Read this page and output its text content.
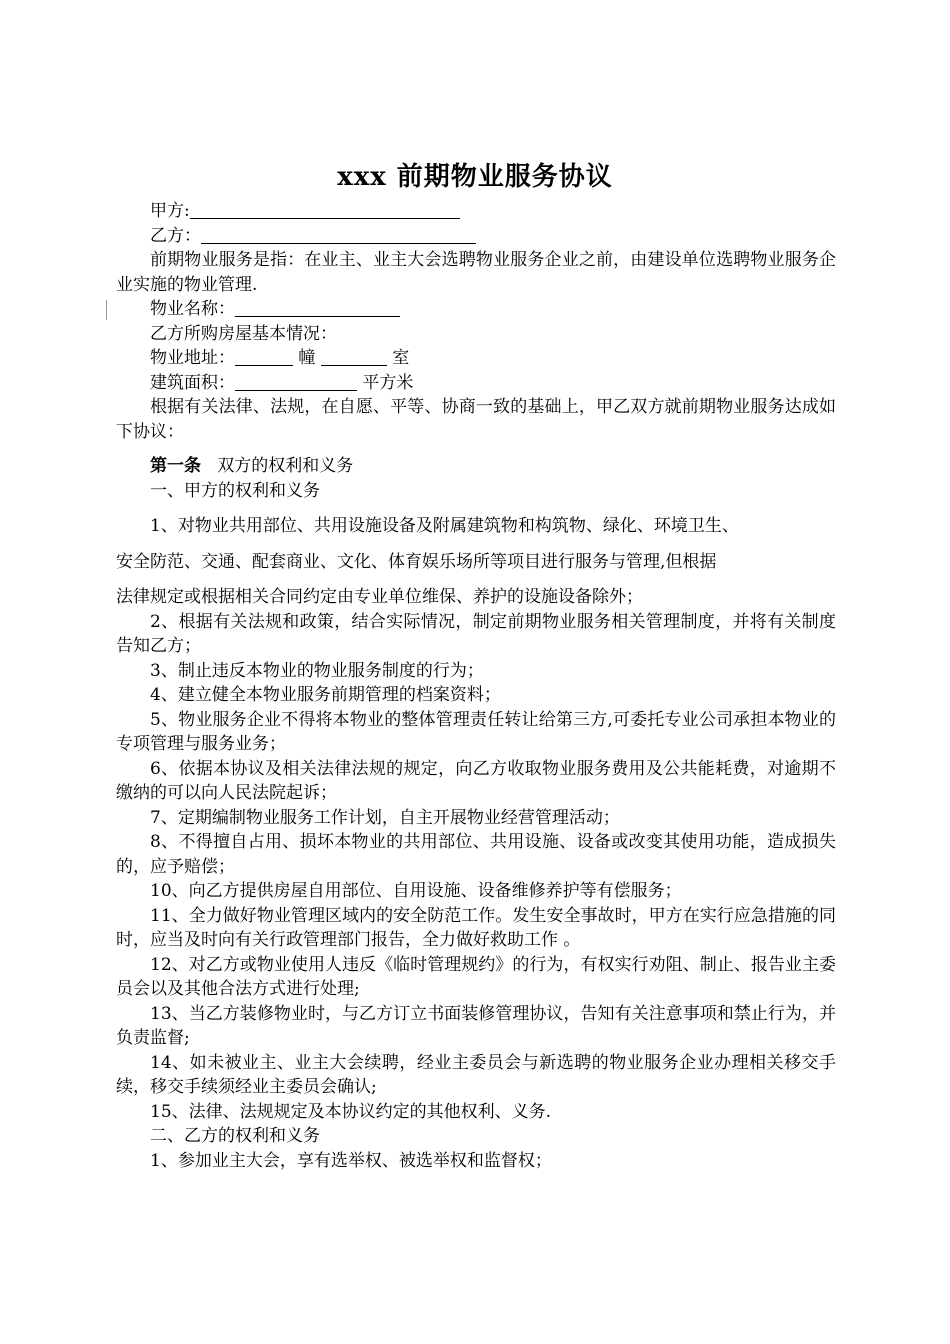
xxx 前期物业服务协议

甲方:

乙方：

前期物业服务是指：在业主、业主大会选聘物业服务企业之前，由建设单位选聘物业服务企业实施的物业管理.

物业名称：

乙方所购房屋基本情况：

物业地址：	幢	室

建筑面积：	平方米

根据有关法律、法规，在自愿、平等、协商一致的基础上，甲乙双方就前期物业服务达成如下协议：

第一条 双方的权利和义务

一、甲方的权利和义务

1、对物业共用部位、共用设施设备及附属建筑物和构筑物、绿化、环境卫生、

安全防范、交通、配套商业、文化、体育娱乐场所等项目进行服务与管理,但根据

法律规定或根据相关合同约定由专业单位维保、养护的设施设备除外；

2、根据有关法规和政策，结合实际情况，制定前期物业服务相关管理制度，并将有关制度告知乙方；

3、制止违反本物业的物业服务制度的行为；

4、建立健全本物业服务前期管理的档案资料；

5、物业服务企业不得将本物业的整体管理责任转让给第三方,可委托专业公司承担本物业的专项管理与服务业务；

6、依据本协议及相关法律法规的规定，向乙方收取物业服务费用及公共能耗费，对逾期不缴纳的可以向人民法院起诉；

7、定期编制物业服务工作计划，自主开展物业经营管理活动；

8、不得擅自占用、损坏本物业的共用部位、共用设施、设备或改变其使用功能，造成损失的，应予赔偿；

10、向乙方提供房屋自用部位、自用设施、设备维修养护等有偿服务；

11、全力做好物业管理区域内的安全防范工作。发生安全事故时，甲方在实行应急措施的同时，应当及时向有关行政管理部门报告，全力做好救助工作 。

12、对乙方或物业使用人违反《临时管理规约》的行为，有权实行劝阻、制止、报告业主委员会以及其他合法方式进行处理;

13、当乙方装修物业时，与乙方订立书面装修管理协议，告知有关注意事项和禁止行为，并负责监督;

14、如未被业主、业主大会续聘，经业主委员会与新选聘的物业服务企业办理相关移交手续，移交手续须经业主委员会确认;

15、法律、法规规定及本协议约定的其他权利、义务.

二、乙方的权利和义务

1、参加业主大会，享有选举权、被选举权和监督权；
